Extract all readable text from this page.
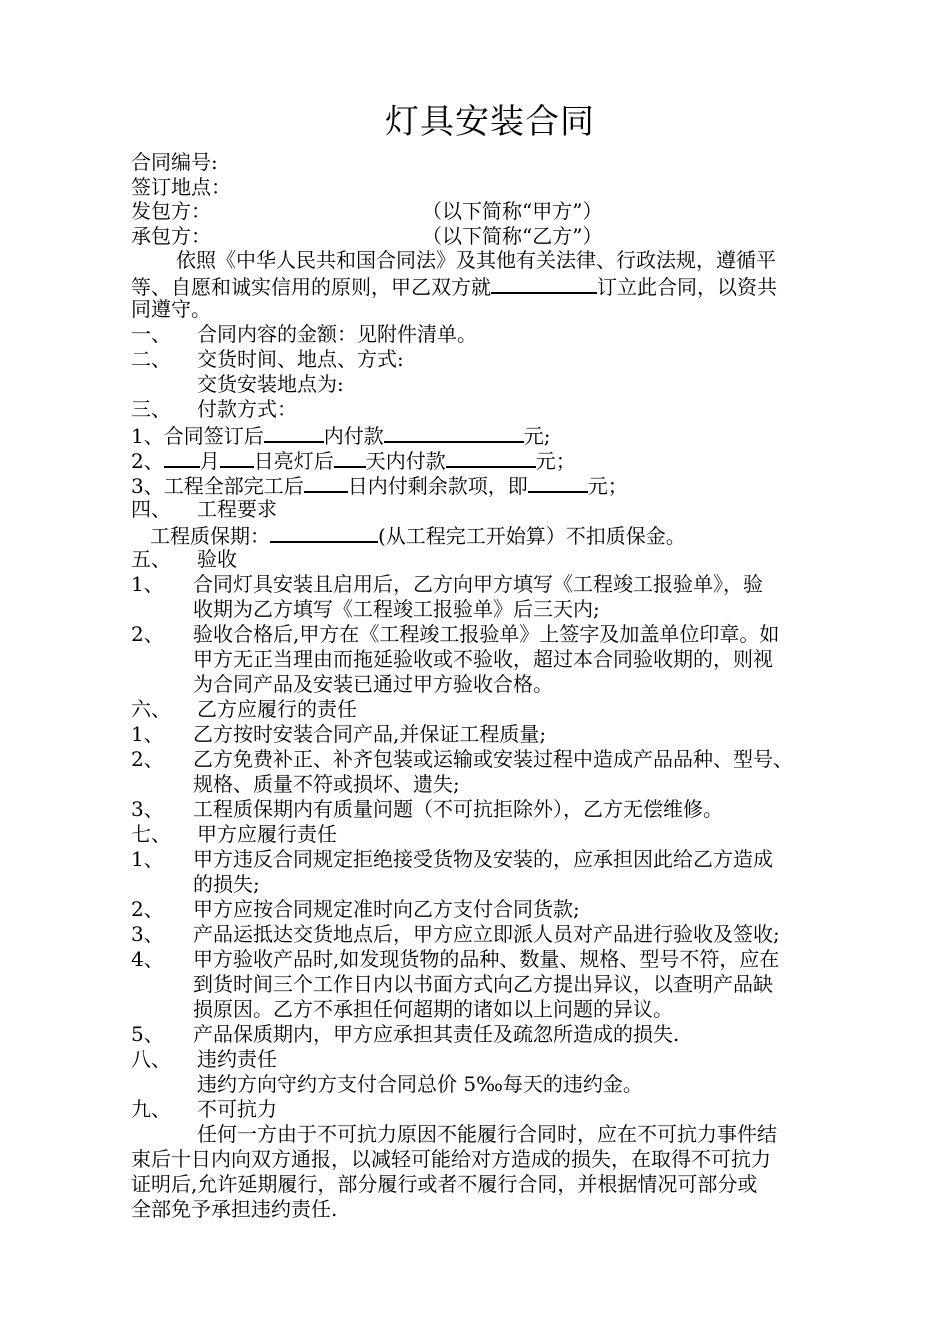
灯具安装合同
合同编号:
签订地点：
发包方：	（以下简称“甲方”）
承包方：	（以下简称“乙方”）
依照《中华人民共和国合同法》及其他有关法律、行政法规，遵循平
等、自愿和诚实信用的原则，甲乙双方就	订立此合同，以资共
同遵守。
一、 合同内容的金额：见附件清单。
二、 交货时间、地点、方式:
交货安装地点为:
三、 付款方式：
1、合同签订后	内付款	元;
2、 月 日亮灯后 天内付款	元；
3、工程全部完工后 日内付剩余款项，即	元；
四、 工程要求
工程质保期：	(从工程完工开始算）不扣质保金。
五、 验收
1、 合同灯具安装且启用后，乙方向甲方填写《工程竣工报验单》，验
收期为乙方填写《工程竣工报验单》后三天内;
2、 验收合格后,甲方在《工程竣工报验单》上签字及加盖单位印章。如
甲方无正当理由而拖延验收或不验收，超过本合同验收期的，则视
为合同产品及安装已通过甲方验收合格。
六、 乙方应履行的责任
1、 乙方按时安装合同产品,并保证工程质量;
2、 乙方免费补正、补齐包装或运输或安装过程中造成产品品种、型号、
规格、质量不符或损坏、遗失;
3、 工程质保期内有质量问题（不可抗拒除外），乙方无偿维修。
七、 甲方应履行责任
1、 甲方违反合同规定拒绝接受货物及安装的，应承担因此给乙方造成
的损失;
2、 甲方应按合同规定准时向乙方支付合同货款;
3、 产品运抵达交货地点后，甲方应立即派人员对产品进行验收及签收;
4、 甲方验收产品时,如发现货物的品种、数量、规格、型号不符，应在
到货时间三个工作日内以书面方式向乙方提出异议，以查明产品缺
损原因。乙方不承担任何超期的诸如以上问题的异议。
5、 产品保质期内，甲方应承担其责任及疏忽所造成的损失.
八、 违约责任
违约方向守约方支付合同总价 5‰每天的违约金。
九、 不可抗力
任何一方由于不可抗力原因不能履行合同时，应在不可抗力事件结
束后十日内向双方通报，以减轻可能给对方造成的损失，在取得不可抗力
证明后,允许延期履行，部分履行或者不履行合同，并根据情况可部分或
全部免予承担违约责任.
